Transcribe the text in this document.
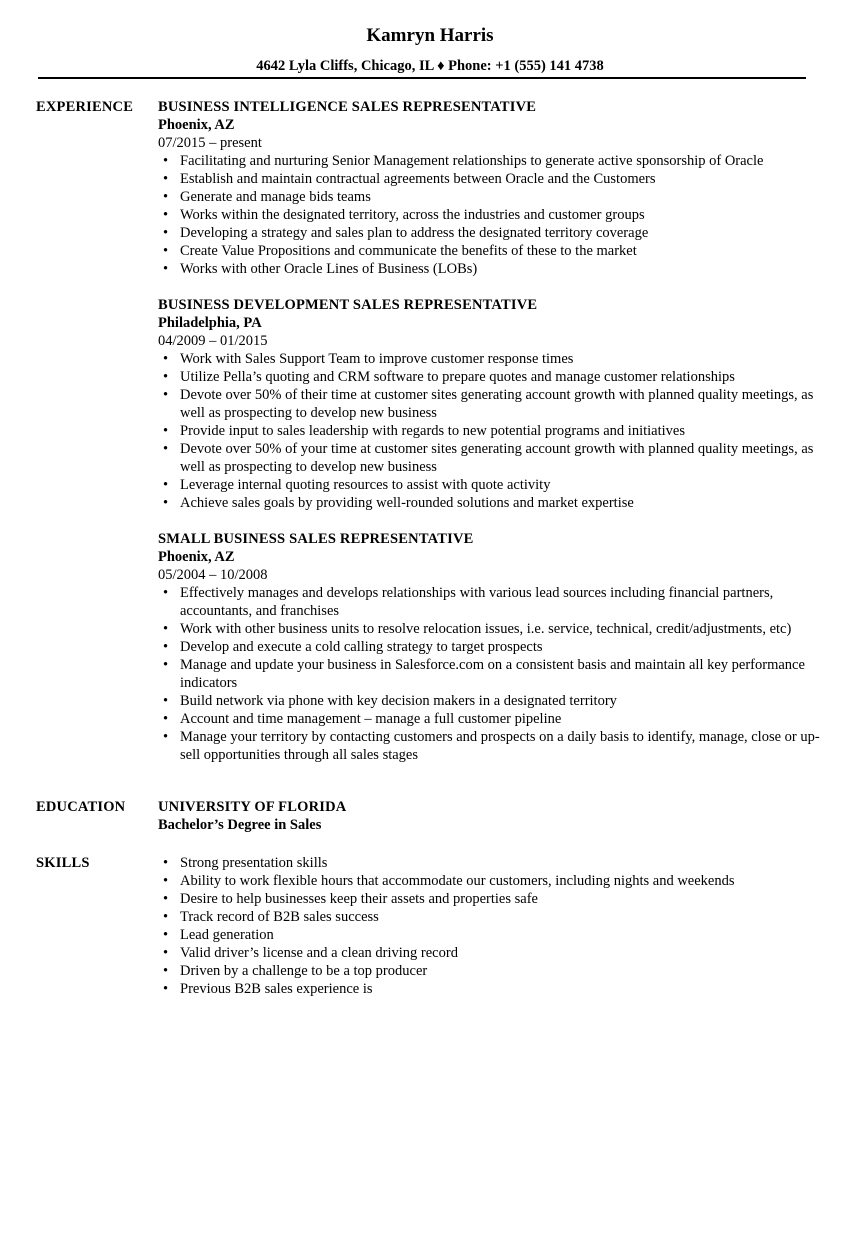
Kamryn Harris
4642 Lyla Cliffs, Chicago, IL ♦ Phone: +1 (555) 141 4738
EXPERIENCE BUSINESS INTELLIGENCE SALES REPRESENTATIVE
Phoenix, AZ
07/2015 – present
• Facilitating and nurturing Senior Management relationships to generate active sponsorship of Oracle
• Establish and maintain contractual agreements between Oracle and the Customers
• Generate and manage bids teams
• Works within the designated territory, across the industries and customer groups
• Developing a strategy and sales plan to address the designated territory coverage
• Create Value Propositions and communicate the benefits of these to the market
• Works with other Oracle Lines of Business (LOBs)
BUSINESS DEVELOPMENT SALES REPRESENTATIVE
Philadelphia, PA
04/2009 – 01/2015
• Work with Sales Support Team to improve customer response times
• Utilize Pella’s quoting and CRM software to prepare quotes and manage customer relationships
• Devote over 50% of their time at customer sites generating account growth with planned quality meetings, as well as prospecting to develop new business
• Provide input to sales leadership with regards to new potential programs and initiatives
• Devote over 50% of your time at customer sites generating account growth with planned quality meetings, as well as prospecting to develop new business
• Leverage internal quoting resources to assist with quote activity
• Achieve sales goals by providing well-rounded solutions and market expertise
SMALL BUSINESS SALES REPRESENTATIVE
Phoenix, AZ
05/2004 – 10/2008
• Effectively manages and develops relationships with various lead sources including financial partners, accountants, and franchises
• Work with other business units to resolve relocation issues, i.e. service, technical, credit/adjustments, etc)
• Develop and execute a cold calling strategy to target prospects
• Manage and update your business in Salesforce.com on a consistent basis and maintain all key performance indicators
• Build network via phone with key decision makers in a designated territory
• Account and time management – manage a full customer pipeline
• Manage your territory by contacting customers and prospects on a daily basis to identify, manage, close or up-sell opportunities through all sales stages
EDUCATION UNIVERSITY OF FLORIDA
Bachelor’s Degree in Sales
SKILLS
•	Strong presentation skills
• Ability to work flexible hours that accommodate our customers, including nights and weekends
• Desire to help businesses keep their assets and properties safe
• Track record of B2B sales success
• Lead generation
• Valid driver’s license and a clean driving record
• Driven by a challenge to be a top producer
• Previous B2B sales experience is
